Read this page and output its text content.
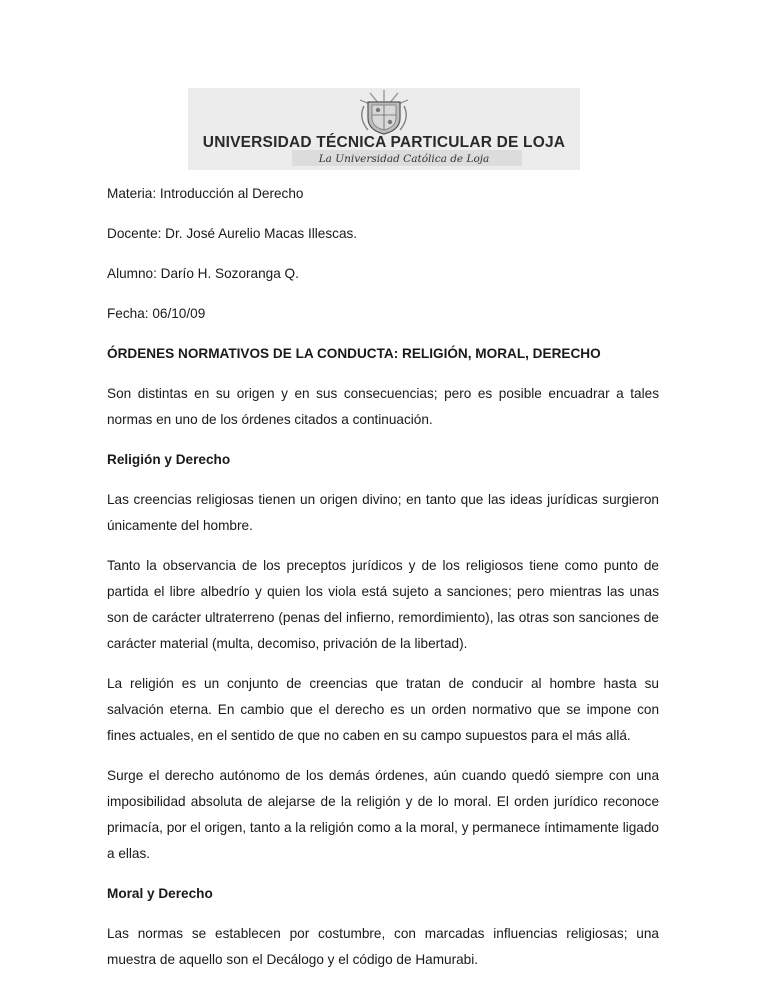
UNIVERSIDAD TÉCNICA PARTICULAR DE LOJA
La Universidad Católica de Loja

Materia: Introducción al Derecho

Docente: Dr. José Aurelio Macas Illescas.

Alumno: Darío H. Sozoranga Q.

Fecha: 06/10/09

ÓRDENES NORMATIVOS DE LA CONDUCTA: RELIGIÓN, MORAL, DERECHO

Son distintas en su origen y en sus consecuencias; pero es posible encuadrar a tales normas en uno de los órdenes citados a continuación.

Religión y Derecho

Las creencias religiosas tienen un origen divino; en tanto que las ideas jurídicas surgieron únicamente del hombre.

Tanto la observancia de los preceptos jurídicos y de los religiosos tiene como punto de partida el libre albedrío y quien los viola está sujeto a sanciones; pero mientras las unas son de carácter ultraterreno (penas del infierno, remordimiento), las otras son sanciones de carácter material (multa, decomiso, privación de la libertad).

La religión es un conjunto de creencias que tratan de conducir al hombre hasta su salvación eterna. En cambio que el derecho es un orden normativo que se impone con fines actuales, en el sentido de que no caben en su campo supuestos para el más allá.

Surge el derecho autónomo de los demás órdenes, aún cuando quedó siempre con una imposibilidad absoluta de alejarse de la religión y de lo moral. El orden jurídico reconoce primacía, por el origen, tanto a la religión como a la moral, y permanece íntimamente ligado a ellas.

Moral y Derecho

Las normas se establecen por costumbre, con marcadas influencias religiosas; una muestra de aquello son el Decálogo y el código de Hamurabi.
